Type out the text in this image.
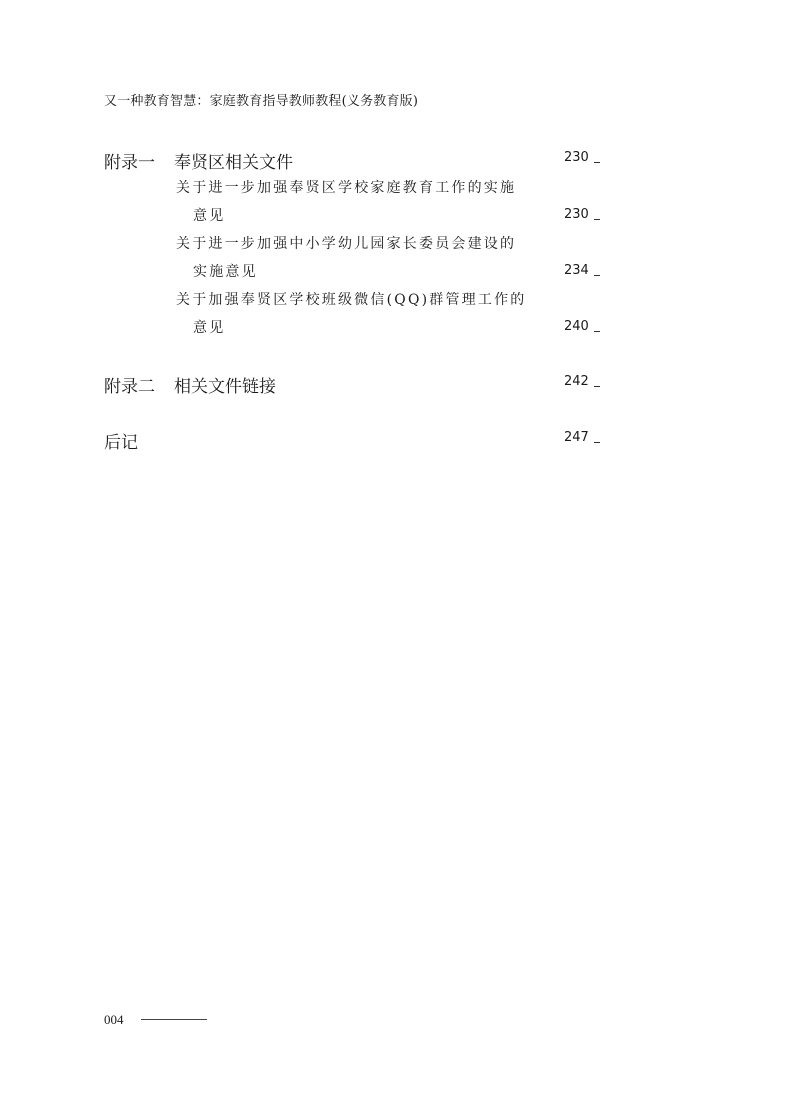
又一种教育智慧：家庭教育指导教师教程(义务教育版)
附录一 奉贤区相关文件	230
关于进一步加强奉贤区学校家庭教育工作的实施
意见	230
关于进一步加强中小学幼儿园家长委员会建设的
实施意见	234
关于加强奉贤区学校班级微信(QQ)群管理工作的
意见	240
附录二 相关文件链接	242
后记	247
004
